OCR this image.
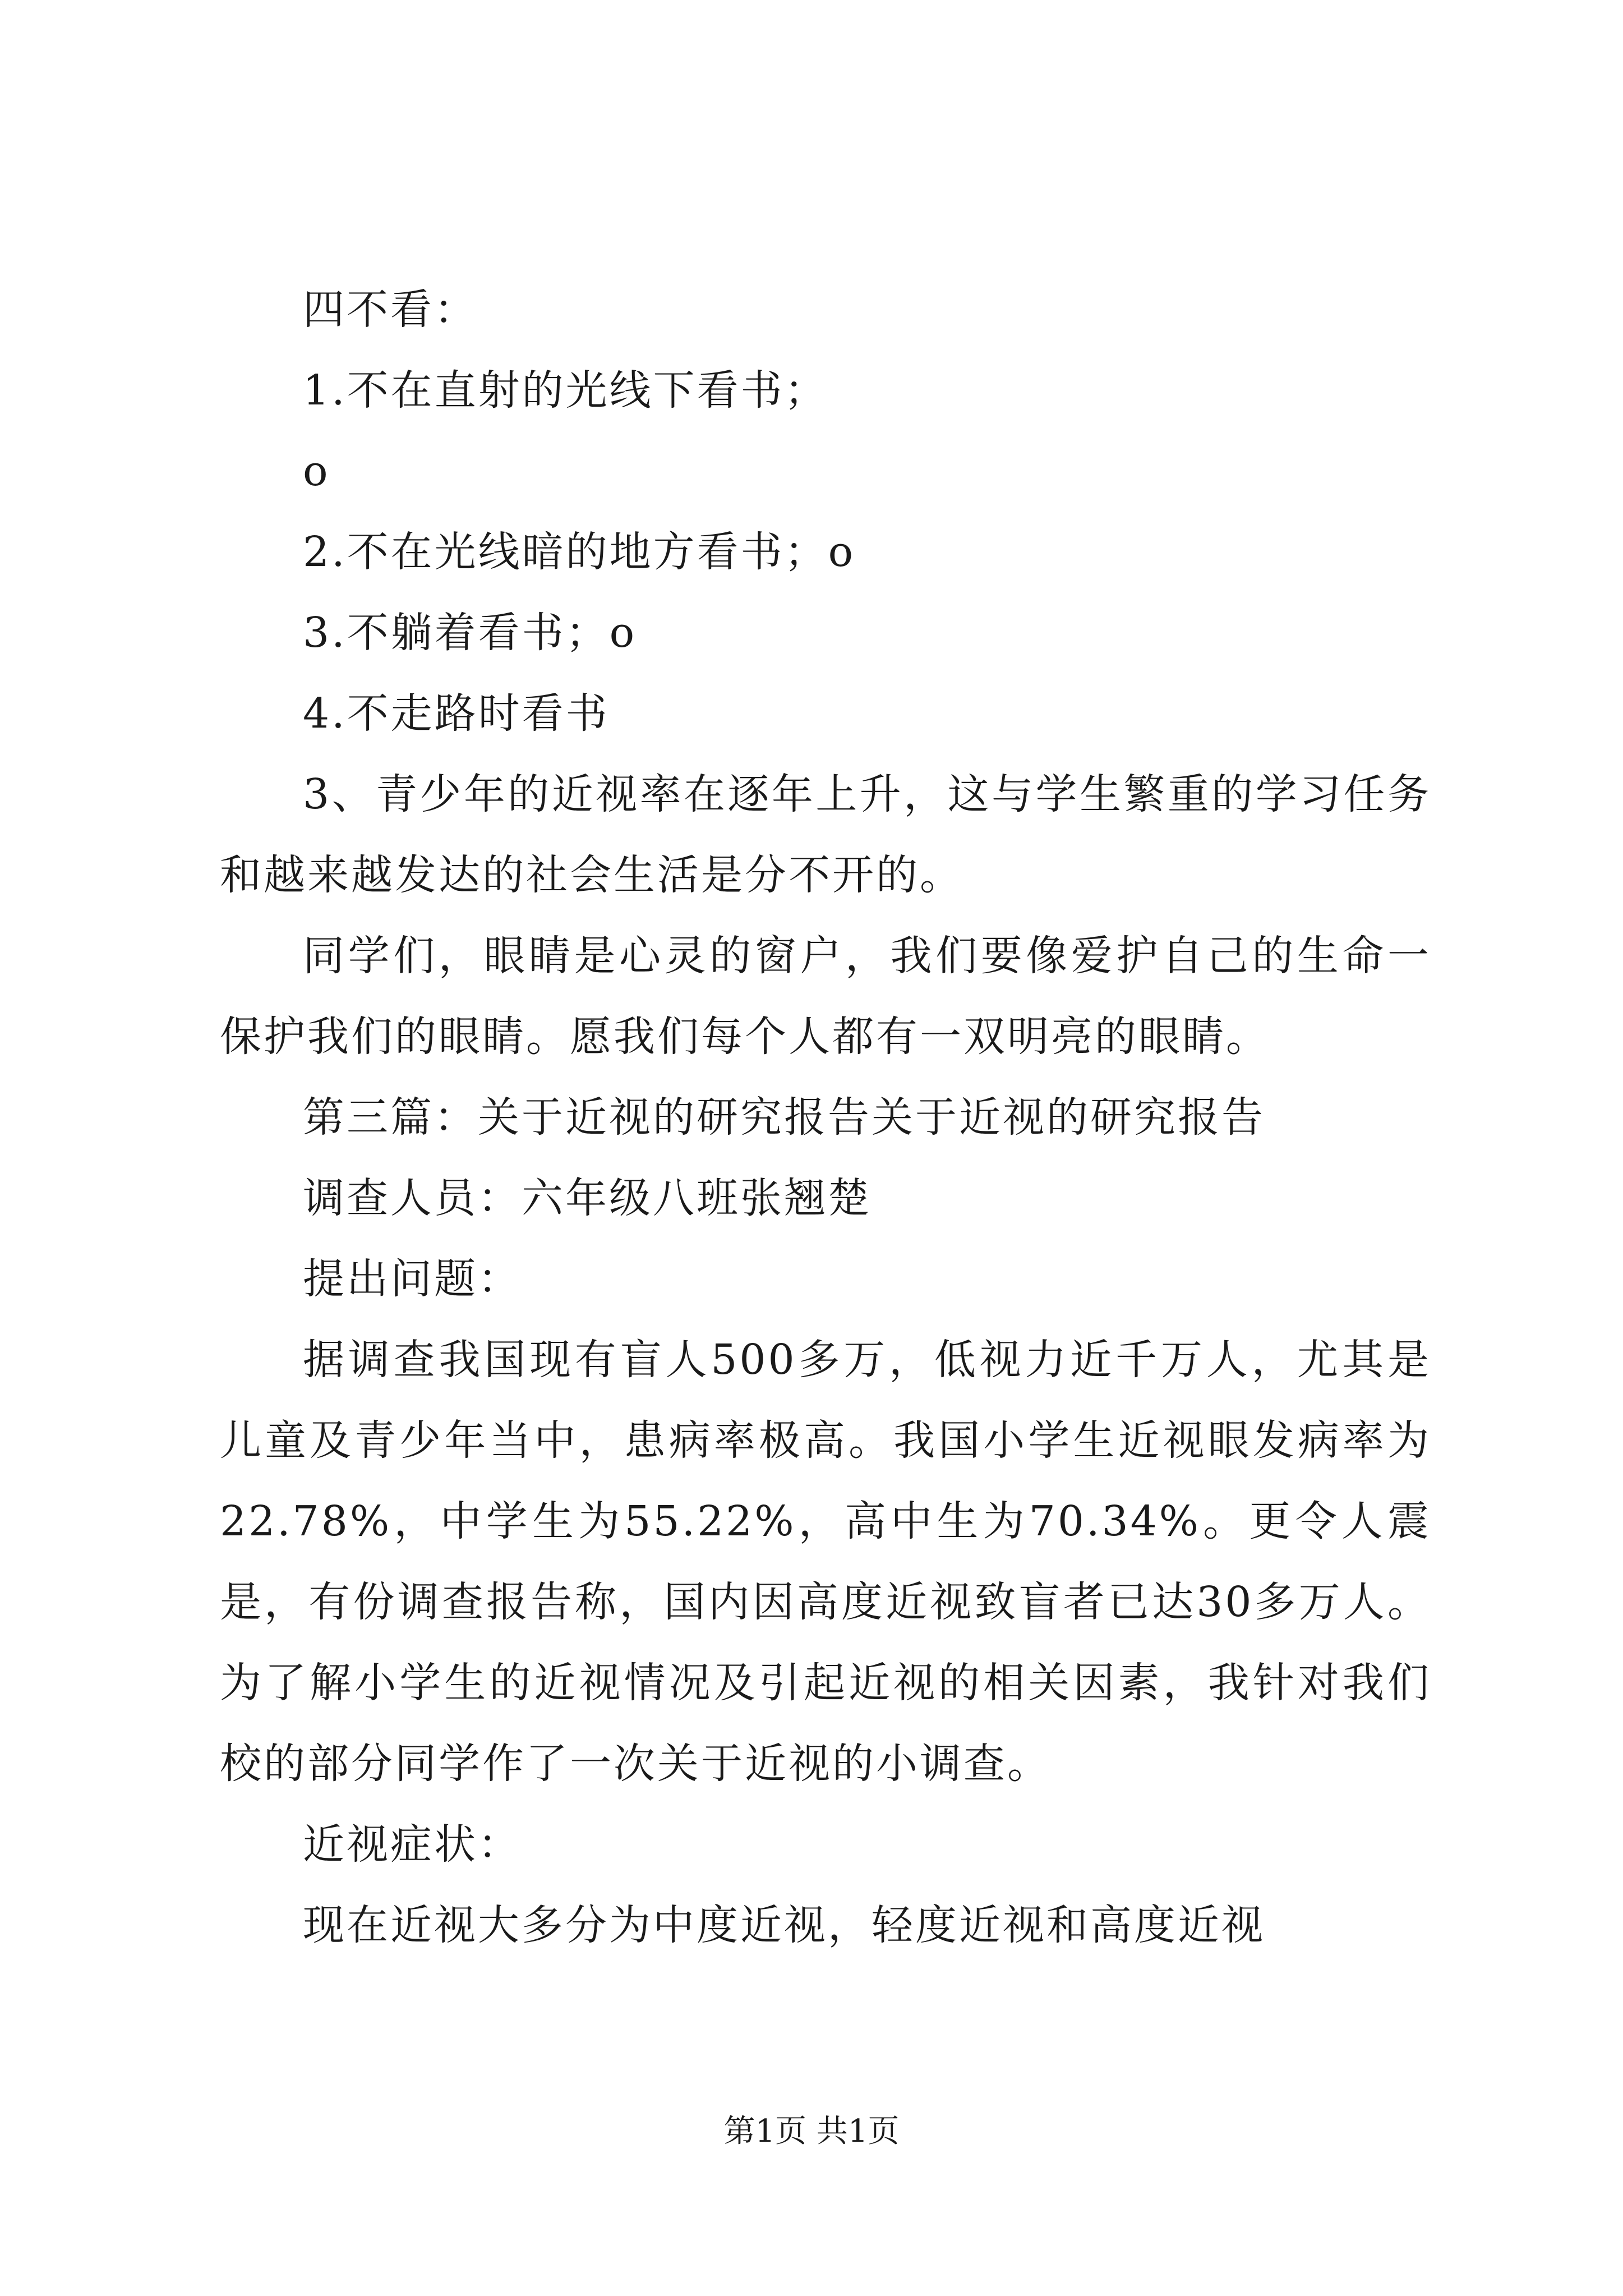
四不看：
1.不在直射的光线下看书；
o
2.不在光线暗的地方看书；o
3.不躺着看书；o
4.不走路时看书
3、青少年的近视率在逐年上升，这与学生繁重的学习任务
和越来越发达的社会生活是分不开的。
同学们，眼睛是心灵的窗户，我们要像爱护自己的生命一
保护我们的眼睛。愿我们每个人都有一双明亮的眼睛。
第三篇：关于近视的研究报告关于近视的研究报告
调查人员：六年级八班张翘楚
提出问题：
据调查我国现有盲人500多万，低视力近千万人，尤其是
儿童及青少年当中，患病率极高。我国小学生近视眼发病率为
22.78%，中学生为55.22%，高中生为70.34%。更令人震
是，有份调查报告称，国内因高度近视致盲者已达30多万人。
为了解小学生的近视情况及引起近视的相关因素，我针对我们
校的部分同学作了一次关于近视的小调查。
近视症状：
现在近视大多分为中度近视，轻度近视和高度近视
第1页 共1页
